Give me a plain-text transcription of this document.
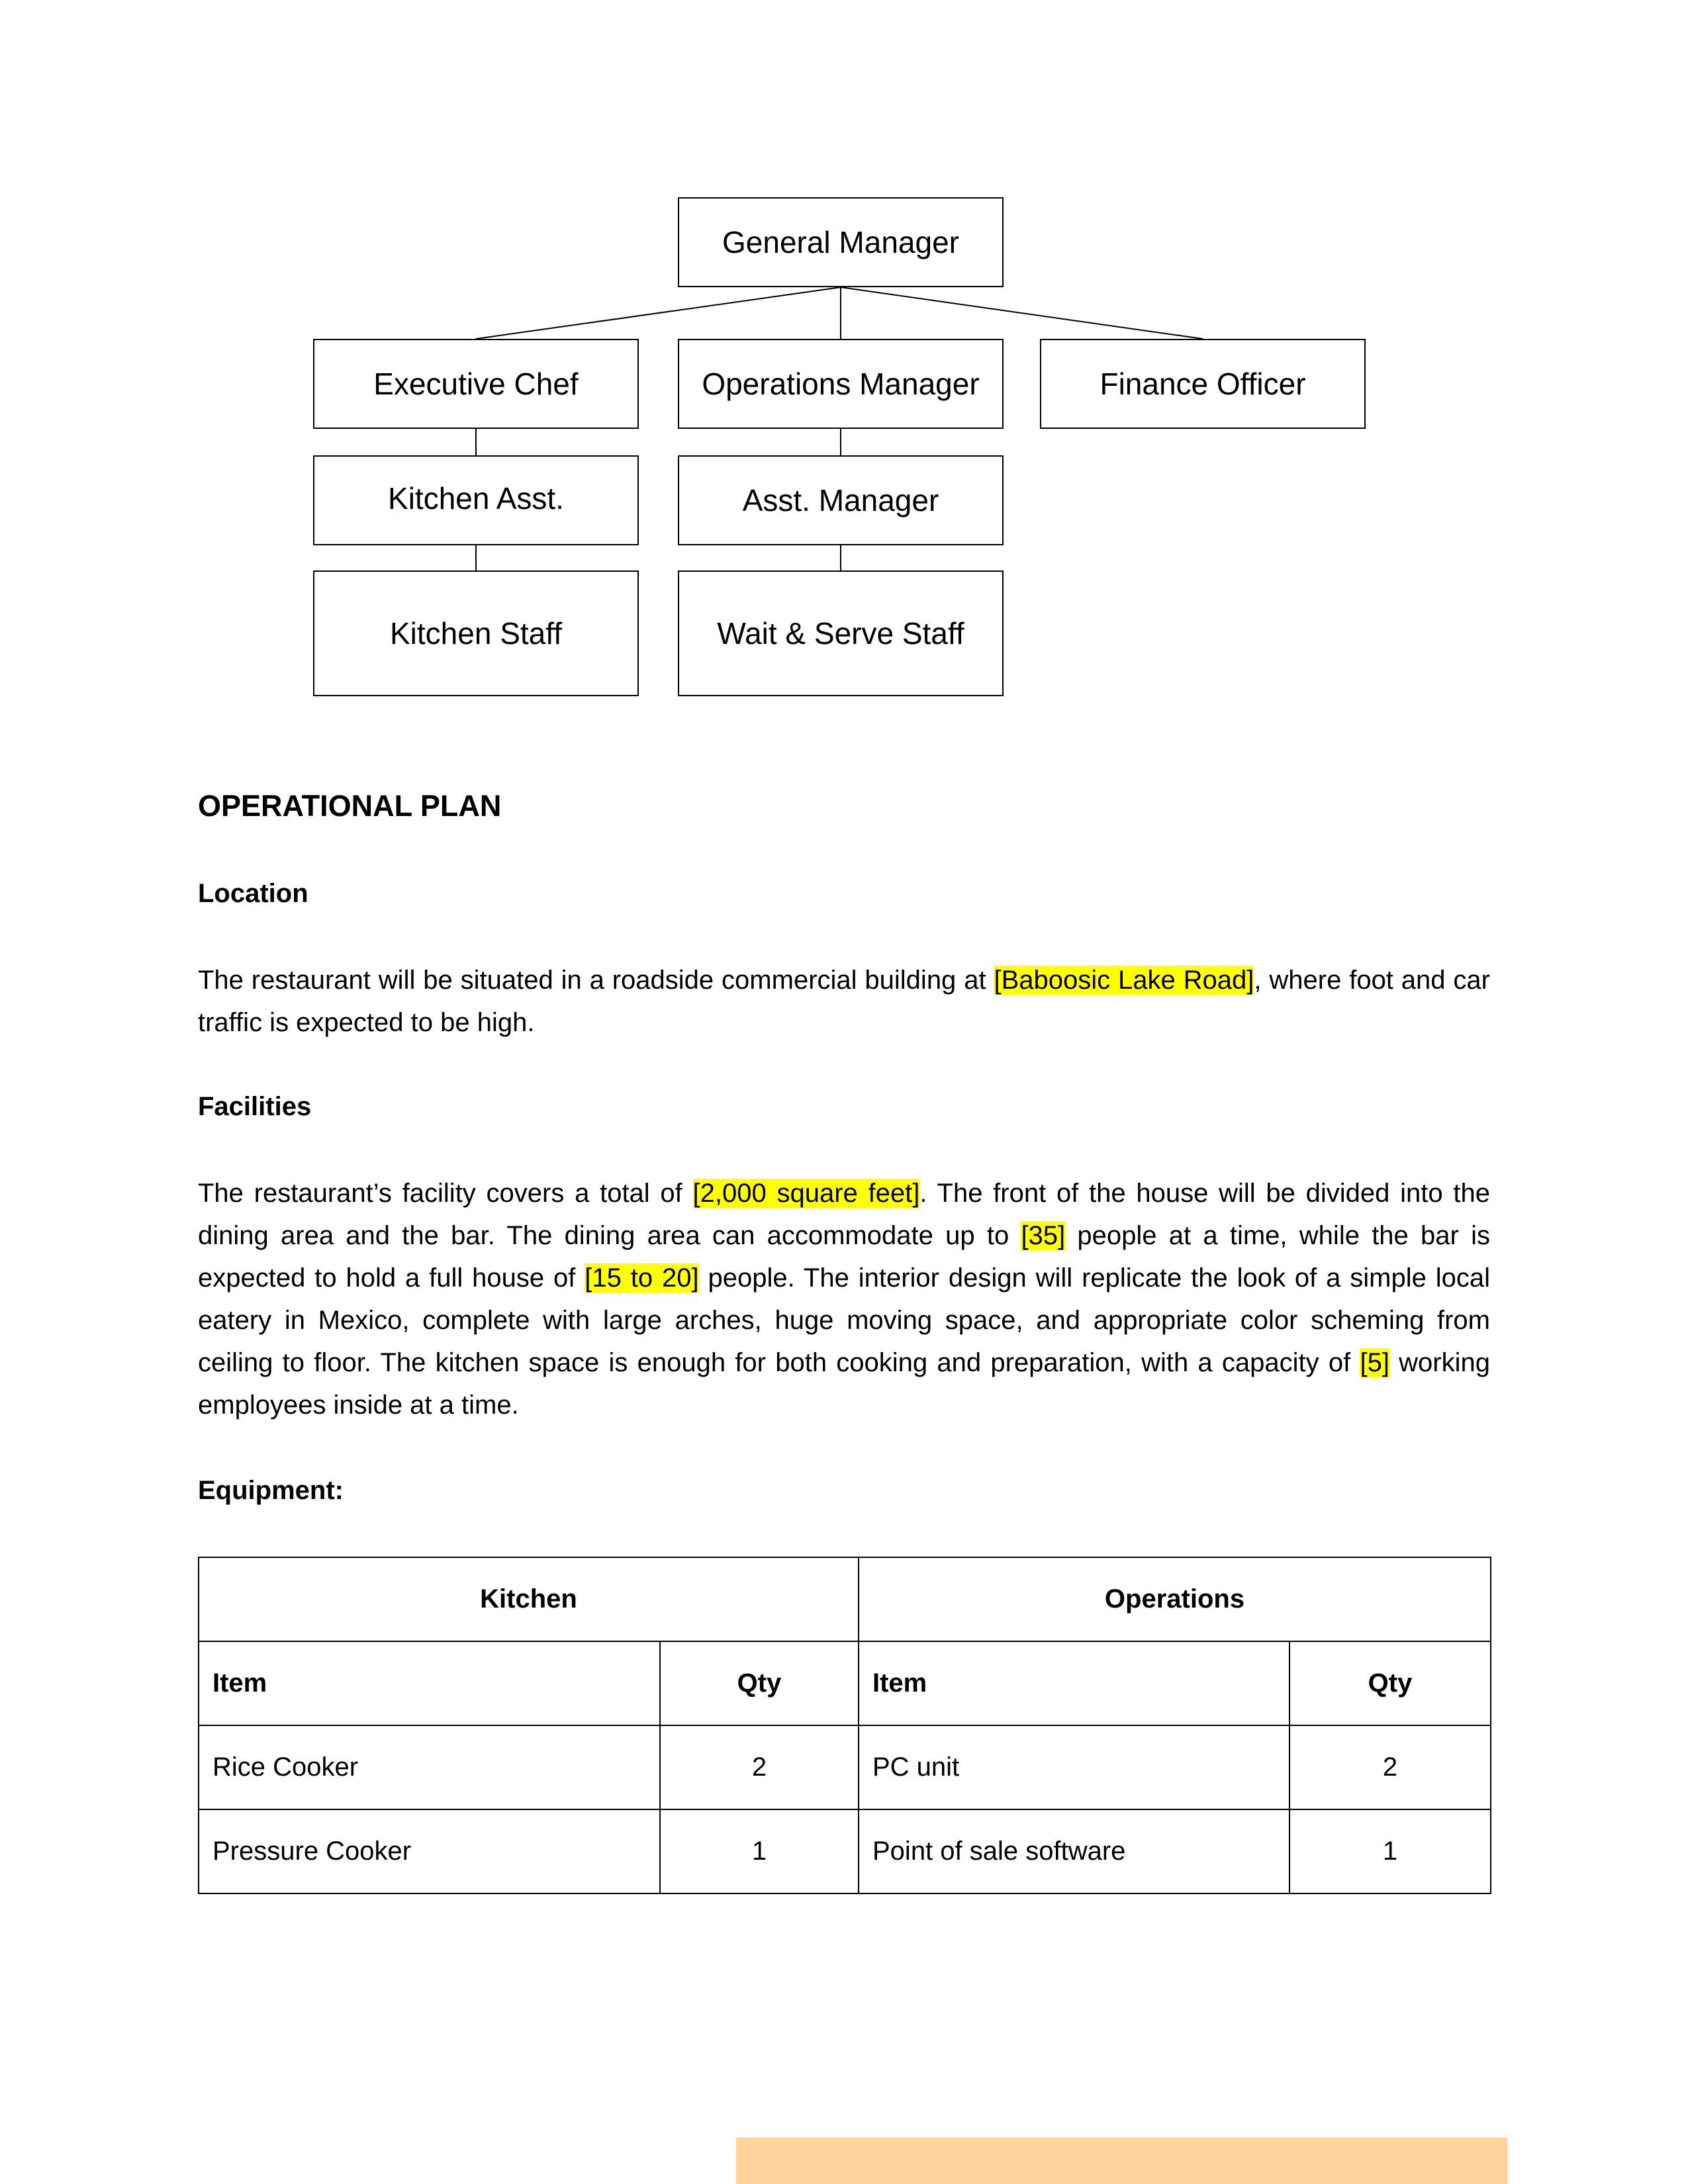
General Manager
Executive Chef	Operations Manager	Finance Officer
Kitchen Asst.	Asst. Manager
Kitchen Staff	Wait & Serve Staff
OPERATIONAL PLAN
Location
The restaurant will be situated in a roadside commercial building at [Baboosic Lake Road], where foot and car traffic is expected to be high.
Facilities
The restaurant’s facility covers a total of [2,000 square feet]. The front of the house will be divided into the dining area and the bar. The dining area can accommodate up to [35] people at a time, while the bar is expected to hold a full house of [15 to 20] people. The interior design will replicate the look of a simple local eatery in Mexico, complete with large arches, huge moving space, and appropriate color scheming from ceiling to floor. The kitchen space is enough for both cooking and preparation, with a capacity of [5] working employees inside at a time.
Equipment:
Kitchen		Operations	
Item	Qty	Item	Qty
Rice Cooker	2	PC unit	2
Pressure Cooker	1	Point of sale software	1
